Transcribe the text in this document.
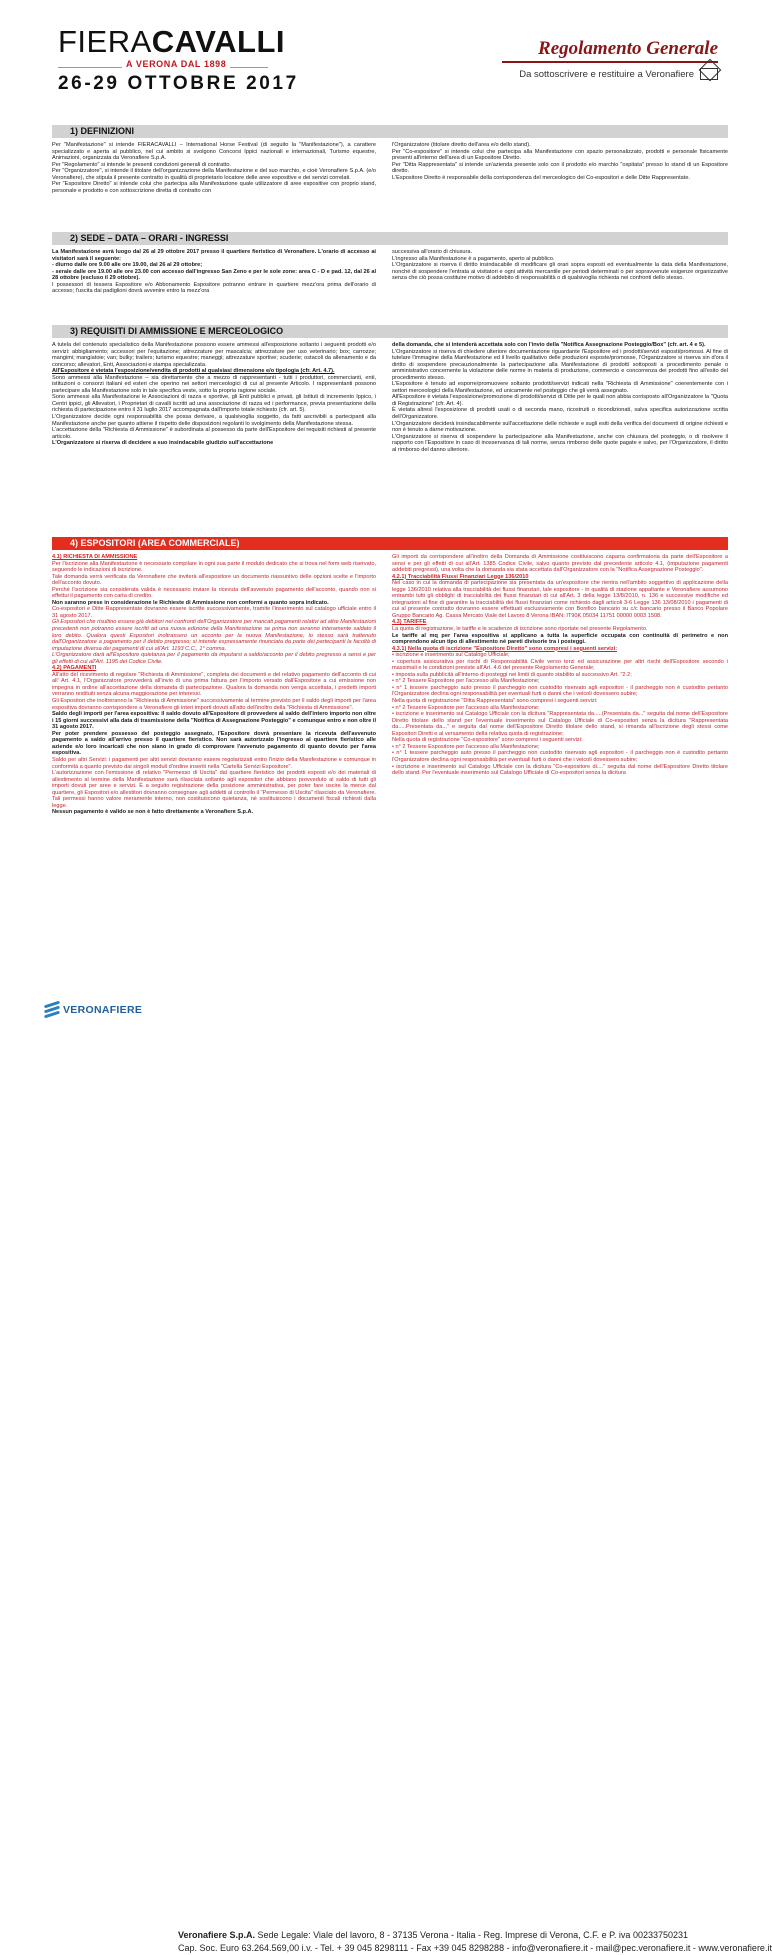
FIERACAVALLI
A VERONA DAL 1898
26-29 OTTOBRE 2017
Regolamento Generale
Da sottoscrivere e restituire a Veronafiere
1) DEFINIZIONI

Per "Manifestazione" si intende FIERACAVALLI – International Horse Festival (di seguito la "Manifestazione"), a carattere specializzato e aperta al pubblico, nel cui ambito si svolgono Concorsi Ippici nazionali e internazionali, Turismo equestre, Animazioni, organizzata da Veronafiere S.p.A.

Per "Regolamento" si intende le presenti condizioni generali di contratto.

Per "Organizzatore", si intende il titolare dell'organizzazione della Manifestazione e del suo marchio, e cioè Veronafiere S.p.A. (e/o Veronafiere), che stipula il presente contratto in qualità di proprietario locatore delle aree espositive e dei servizi correlati.

Per "Espositore Diretto" si intende colui che partecipa alla Manifestazione quale utilizzatore di aree espositive con proprio stand, personale e prodotto e con sottoscrizione diretta di contratto con

l'Organizzatore (titolare diretto dell'area e/o dello stand).

Per "Co-espositore" si intende colui che partecipa alla Manifestazione con spazio personalizzato, prodotti e personale fisicamente presenti all'interno dell'area di un Espositore Diretto.

Per "Ditta Rappresentata" si intende un'azienda presente solo con il prodotto e/o marchio "ospitata" presso lo stand di un Espositore diretto.

L'Espositore Diretto è responsabile della corrispondenza del merceologico dei Co-espositori e delle Ditte Rappresentate.

2) SEDE – DATA – ORARI - INGRESSI

La Manifestazione avrà luogo dal 26 al 29 ottobre 2017 presso il quartiere fieristico di Veronafiere. L'orario di accesso ai visitatori sarà il seguente:

- diurno dalle ore 9.00 alle ore 19.00, dal 26 al 29 ottobre;

- serale dalle ore 19.00 alle ore 23.00 con accesso dall'ingresso San Zeno e per le sole zone: area C - D e pad. 12, dal 26 al 28 ottobre (escluso il 29 ottobre).

I possessori di tessera Espositore e/o Abbonamento Espositore potranno entrare in quartiere mezz'ora prima dell'orario di accesso; l'uscita dai padiglioni dovrà avvenire entro la mezz'ora

successiva all'orario di chiusura.

L'ingresso alla Manifestazione è a pagamento, aperto al pubblico.

L'Organizzatore si riserva il diritto insindacabile di modificare gli orari sopra esposti ed eventualmente la data della Manifestazione, nonché di sospendere l'entrata ai visitatori e ogni attività mercantile per periodi determinati o per sopravvenute esigenze organizzative senza che ciò possa costituire motivo di addebito di responsabilità o di qualsivoglia richiesta nei confronti dello stesso.

3) REQUISITI DI AMMISSIONE E MERCEOLOGICO

A tutela del contenuto specialistico della Manifestazione possono essere ammessi all'esposizione soltanto i seguenti prodotti e/o servizi: abbigliamento; accessori per l'equitazione; attrezzature per mascalcia; attrezzature per uso veterinario; box; carrozze; mangimi; mangiatoie; van; bulky; trailers; turismo equestre; maneggi; attrezzature sportive; scuderie; ostacoli da allenamento e da concorso; allevatori, Enti, Associazioni e stampa specializzata.

All'Espositore è vietata l'esposizione/vendita di prodotti al qualsiasi dimensione e/o tipologia (cfr. Art. 4.7).

Sono ammessi alla Manifestazione – sia direttamente che a mezzo di rappresentanti - tutti i produttori, commercianti, enti, istituzioni o consorzi italiani ed esteri che operino nei settori merceologici di cui al presente Articolo. I rappresentanti possono partecipare alla Manifestazione solo in tale specifica veste, sotto la propria ragione sociale.

Sono ammessi alla Manifestazione le Associazioni di razza e sportive, gli Enti pubblici e privati, gli Istituti di incremento Ippico, i Centri ippici, gli Allevatori, i Proprietari di cavalli iscritti ad una associazione di razza ed i performance, previa presentazione della richiesta di partecipazione entro il 31 luglio 2017 accompagnata dall'importo totale richiesto (cfr. art. 5).

L'Organizzatore decide ogni responsabilità che possa derivare, a qualsivoglia soggetto, da fatti ascrivibili a partecipanti alla Manifestazione anche per quanto attiene il rispetto delle disposizioni regolanti lo svolgimento della Manifestazione stessa.

L'accettazione della "Richiesta di Ammissione" è subordinata al possesso da parte dell'Espositore dei requisiti richiesti al presente articolo.

L'Organizzatore si riserva di decidere a suo insindacabile giudizio sull'accettazione

della domanda, che si intenderà accettata solo con l'invio della "Notifica Assegnazione Posteggio/Box" (cfr. art. 4 e 5).

L'Organizzatore si riserva di chiedere ulteriore documentazione riguardante l'Espositore ed i prodotti/servizi esposti/promossi. Al fine di tutelare l'immagine della Manifestazione ed il livello qualitativo delle produzioni esposte/promosse, l'Organizzatore si riserva sin d'ora il diritto di sospendere precauzionalmente la partecipazione alla Manifestazione di prodotti sottoposti a procedimento penale o amministrativo concernente la violazione delle norme in materia di produzione, commercio e concorrenza dei prodotti fino all'esito del procedimento stesso.

L'Espositore è tenuto ad esporre/promuovere soltanto prodotti/servizi indicati nella "Richiesta di Ammissione" coerentemente con i settori merceologici della Manifestazione, ed unicamente nel posteggio che gli verrà assegnato.

All'Espositore è vietata l'esposizione/promozione di prodotti/servizi di Ditte per le quali non abbia corrisposto all'Organizzatore la "Quota di Registrazione" (cfr. Art. 4).

È vietata altresì l'esposizione di prodotti usati o di seconda mano, ricostruiti o ricondizionati, salva specifica autorizzazione scritta dell'Organizzatore.

L'Organizzatore deciderà insindacabilmente sull'accettazione delle richieste e sugli esiti della verifica dei documenti di origine richiesti e non è tenuto a darne motivazione.

L'Organizzatore si riserva di sospendere la partecipazione alla Manifestazione, anche con chiusura del posteggio, o di risolvere il rapporto con l'Espositore in caso di inosservanza di tali norme, senza rimborso delle quote pagate e salvo, per l'Organizzatore, il diritto al rimborso del danno ulteriore.

4) ESPOSITORI (AREA COMMERCIALE)

4.1) RICHIESTA DI AMMISSIONE

Per l'iscrizione alla Manifestazione è necessario compilare in ogni sua parte il modulo dedicato che si trova nel form web riservato, seguendo le indicazioni di iscrizione.

Tale domanda verrà verificata da Veronafiere che inviterà all'espositore un documento riassuntivo delle opzioni scelte e l'importo dell'acconto dovuto.

Perché l'iscrizione sia considerata valida è necessario inviare la ricevuta dell'avvenuto pagamento dell'acconto, quando non si effettui il pagamento con carta di credito.

Non saranno prese in considerazione le Richieste di Ammissione non conformi a quanto sopra indicato.

Co-espositori e Ditte Rappresentate dovranno essere iscritte successivamente, tramite l'inserimento sul catalogo ufficiale entro il 31 agosto 2017.

Gli Espositori che risultino essere già debitori nei confronti dell'Organizzatore per mancati pagamenti relativi ad altre Manifestazioni precedenti non potranno essere iscritti ad una nuova edizione della Manifestazione se prima non avranno interamente saldato il loro debito. Qualora questi Espositori inoltrassero un acconto per la nuova Manifestazione, lo stesso sarà trattenuto dall'Organizzatore a pagamento per il debito pregresso; si intende espressamente rinunciata da parte dei partecipanti la facoltà di imputazione diversa dei pagamenti di cui all'Art. 1193 C.C., 1° comma.

L'Organizzatore darà all'Espositore quietanza per il pagamento da imputarsi a saldo/acconto per il debito pregresso a sensi e per gli effetti di cui all'Art. 1195 del Codice Civile.

4.2) PAGAMENTI

All'atto del ricevimento di regolare "Richiesta di Ammissione", completa dei documenti e del relativo pagamento dell'acconto di cui all' Art. 4.1, l'Organizzatore provvederà all'invio di una prima fattura per l'importo versato dall'Espositore a cui emissione non impegna in ordine all'accettazione della domanda di partecipazione. Qualora la domanda non venga accettata, i predetti importi verranno restituiti senza alcuna maggiorazione per interessi.

Gli Espositori che inoltreranno la "Richiesta di Ammissione" successivamente al termine previsto per il saldo degli importi per l'area espositiva dovranno corrispondere a Veronafiere gli interi importi dovuti all'atto dell'inoltro della "Richiesta di Ammissione".

Saldo degli importi per l'area espositiva: il saldo dovuto all'Espositore di provvedere al saldo dell'intero importo non oltre i 15 giorni successivi alla data di trasmissione della "Notifica di Assegnazione Posteggio" e comunque entro e non oltre il 31 agosto 2017.

Per poter prendere possesso del posteggio assegnato, l'Espositore dovrà presentare la ricevuta dell'avvenuto pagamento a saldo all'arrivo presso il quartiere fieristico. Non sarà autorizzato l'ingresso al quartiere fieristico alle aziende e/o loro incaricati che non siano in grado di comprovare l'avvenuto pagamento di quanto dovuto per l'area espositiva.

Saldo per altri Servizi: i pagamenti per altri servizi dovranno essere regolarizzati entro l'inizio della Manifestazione e comunque in conformità a quanto previsto dai singoli moduli d'ordine inseriti nella "Cartella Servizi Espositore".

L'autorizzazione con l'emissione di relativo "Permesso di Uscita" dal quartiere fieristico dei prodotti esposti e/o dei materiali di allestimento al termine della Manifestazione sarà rilasciata soltanto agli espositori che abbiano provveduto al saldo di tutti gli importi dovuti per aree e servizi. È a seguito registrazione della posizione amministrativa, per poter fare uscire la merce dal quartiere, gli Espositori e/o allestitori dovranno consegnare agli addetti al controllo il "Permesso di Uscita" rilasciato da Veronafiere. Tali permessi hanno valore meramente interno, non costituiscono quietanza, né sostituiscono i documenti fiscali richiesti dalla legge.

Nessun pagamento è valido se non è fatto direttamente a Veronafiere S.p.A.

Gli importi da corrispondere all'inoltro della Domanda di Ammissione costituiscono caparra confirmatoria da parte dell'Espositore a sensi e per gli effetti di cui all'Art. 1385 Codice Civile, salvo quanto previsto dal precedente articolo 4.1, (imputazione pagamenti addebiti pregressi), una volta che la domanda sia stata accettata dall'Organizzatore con la "Notifica Assegnazione Posteggio".

4.2.1) Tracciabilità Flussi Finanziari Legge 136/2010

Nel caso in cui la domanda di partecipazione sia presentata da un'espositore che rientra nell'ambito soggettivo di applicazione della legge 136/2010 relativa alla tracciabilità dei flussi finanziari, tale espositore - in qualità di stazione appaltante e Veronafiere assumono entrambi tutti gli obblighi di tracciabilità dei flussi finanziari di cui all'Art. 3 della legge 13/8/2010, n. 136 e successive modifiche ed integrazioni al fine di garantire la tracciabilità dei flussi finanziari come richiesto dagli articoli 3-6 Legge 136 13/08/2010 i pagamenti di cui al presente contratto dovranno essere effettuati esclusivamente con Bonifico bancario su c/c bancario presso il Banco Popolare Gruppo Bancario Ag. Cassa Mercato Viale del Lavoro 8 Verona IBAN: IT90K 05034 11751 00000 0003 1508.

4.3) TARIFFE

La quota di registrazione, le tariffe e le scadenze di iscrizione sono riportate nel presente Regolamento.

Le tariffe al mq per l'area espositiva si applicano a tutta la superficie occupata con continuità di perimetro e non comprendono alcun tipo di allestimento né pareti divisorie tra i posteggi.

4.3.1) Nella quota di iscrizione "Espositore Diretto" sono compresi i seguenti servizi:

• iscrizione e inserimento sul Catalogo Ufficiale;

• copertura assicurativa per rischi di Responsabilità Civile verso terzi ed assicurazione per altri rischi dell'Espositore secondo i massimali e le condizioni previste all'Art. 4.6 del presente Regolamento Generale;

• imposta sulla pubblicità all'interno di posteggi nei limiti di quanto stabilito al successivo Art. "2.2;

• n° 2 Tessere Espositore per l'accesso alla Manifestazione;

• n° 1 tessere parcheggio auto presso il parcheggio non custodito riservato agli espositori - il parcheggio non è custodito pertanto l'Organizzatore declina ogni responsabilità per eventuali furti o danni che i veicoli dovessero subire;

Nella quota di registrazione "Ditta Rappresentata" sono compresi i seguenti servizi:

• n° 2 Tessere Espositore per l'accesso alla Manifestazione;

• iscrizione e inserimento sul Catalogo Ufficiale con la dicitura "Rappresentata da.....(Presentata da..." seguita dal nome dell'Espositore Diretto titolare dello stand per l'eventuale inserimento sul Catalogo Ufficiale di Co-espositori senza la dicitura "Rappresentata da.....Presentata da..." e seguita dal nome dell'Espositore Diretto titolare dello stand, si rimanda all'iscrizione degli stessi come Espositori Diretti e al versamento della relativa quota di registrazione;

Nella quota di registrazione "Co-espositore" sono compresi i seguenti servizi:

• n° 2 Tessere Espositore per l'accesso alla Manifestazione;

• n° 1 tessere parcheggio auto presso il parcheggio non custodito riservato agli espositori - il parcheggio non è custodito pertanto l'Organizzatore declina ogni responsabilità per eventuali furti o danni che i veicoli dovessero subire;

• iscrizione e inserimento sul Catalogo Ufficiale con la dicitura "Co-espositore di...." seguita dal nome dell'Espositore Diretto titolare dello stand. Per l'eventuale inserimento sul Catalogo Ufficiale di Co-espositori senza la dicitura

Veronafiere S.p.A. Sede Legale: Viale del lavoro, 8 - 37135 Verona - Italia - Reg. Imprese di Verona, C.F. e P. iva 00233750231
Cap. Soc. Euro 63.264.569,00 i.v. - Tel. + 39 045 8298111 - Fax +39 045 8298288 - info@veronafiere.it - mail@pec.veronafiere.it - www.veronafiere.it
VERONAFIERE
